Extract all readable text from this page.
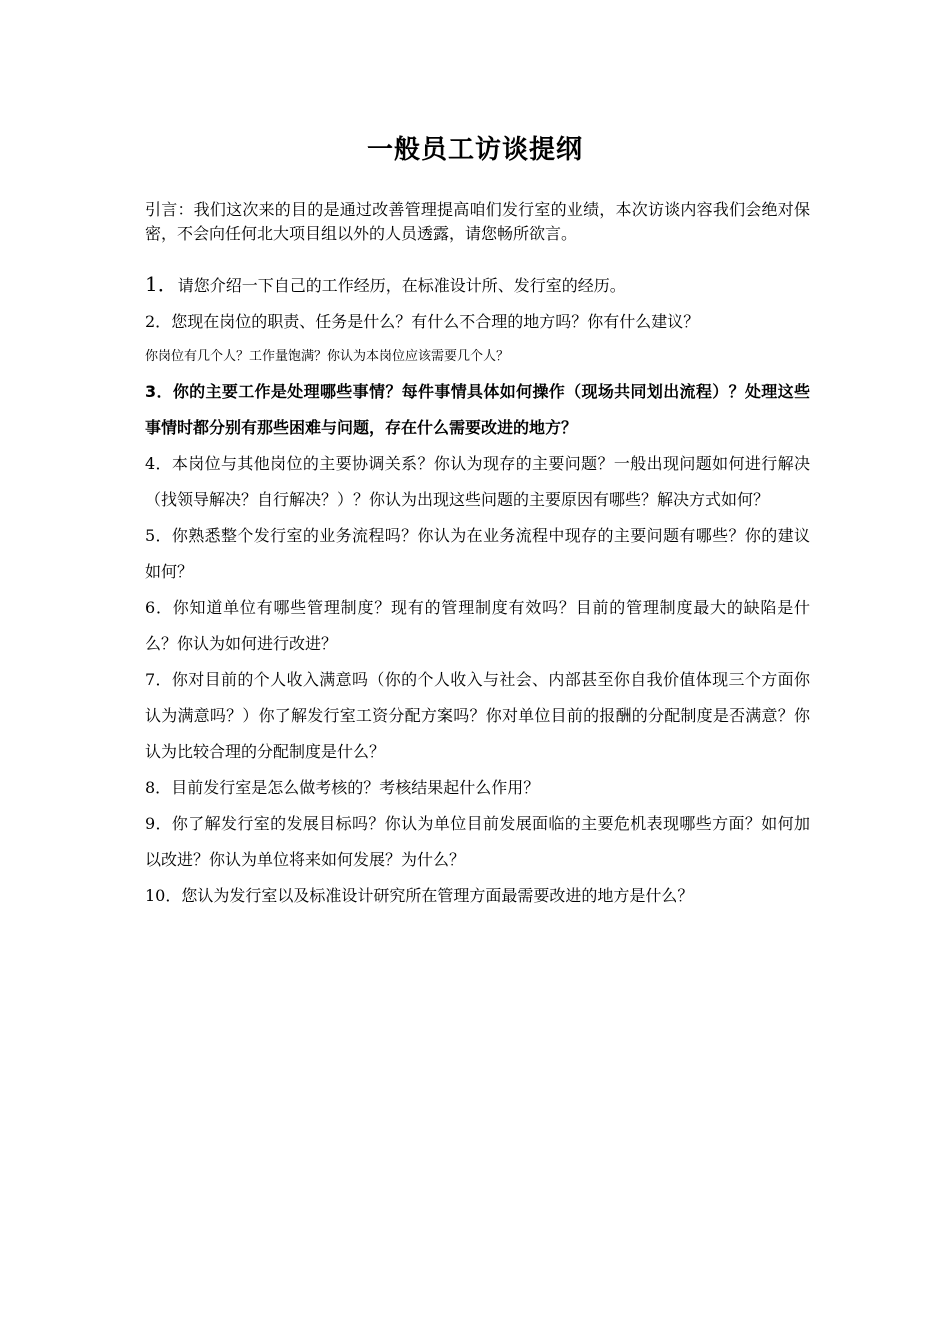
一般员工访谈提纲

引言：我们这次来的目的是通过改善管理提高咱们发行室的业绩，本次访谈内容我们会绝对保密，不会向任何北大项目组以外的人员透露，请您畅所欲言。

1．请您介绍一下自己的工作经历，在标准设计所、发行室的经历。

2．您现在岗位的职责、任务是什么？有什么不合理的地方吗？你有什么建议？

你岗位有几个人？工作量饱满？你认为本岗位应该需要几个人？

3．你的主要工作是处理哪些事情？每件事情具体如何操作（现场共同划出流程）？处理这些事情时都分别有那些困难与问题，存在什么需要改进的地方？

4．本岗位与其他岗位的主要协调关系？你认为现存的主要问题？一般出现问题如何进行解决（找领导解决？自行解决？）？你认为出现这些问题的主要原因有哪些？解决方式如何？

5．你熟悉整个发行室的业务流程吗？你认为在业务流程中现存的主要问题有哪些？你的建议如何？

6．你知道单位有哪些管理制度？现有的管理制度有效吗？目前的管理制度最大的缺陷是什么？你认为如何进行改进？

7．你对目前的个人收入满意吗（你的个人收入与社会、内部甚至你自我价值体现三个方面你认为满意吗？）你了解发行室工资分配方案吗？你对单位目前的报酬的分配制度是否满意？你认为比较合理的分配制度是什么？

8．目前发行室是怎么做考核的？考核结果起什么作用？

9．你了解发行室的发展目标吗？你认为单位目前发展面临的主要危机表现哪些方面？如何加以改进？你认为单位将来如何发展？为什么？

10．您认为发行室以及标准设计研究所在管理方面最需要改进的地方是什么？
